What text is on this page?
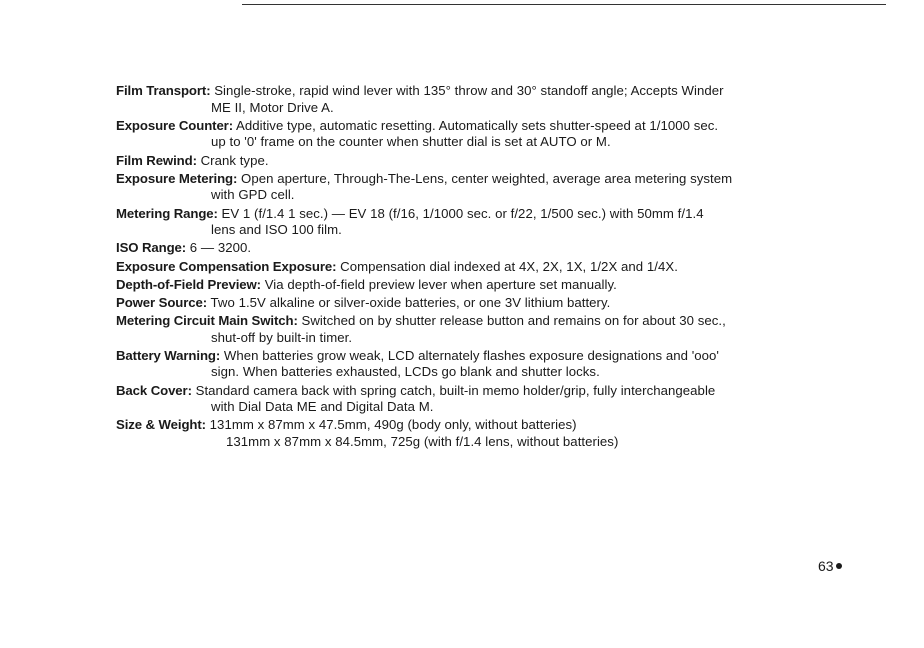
Film Transport: Single-stroke, rapid wind lever with 135° throw and 30° standoff angle; Accepts Winder
ME II, Motor Drive A.
Exposure Counter: Additive type, automatic resetting. Automatically sets shutter-speed at 1/1000 sec.
up to '0' frame on the counter when shutter dial is set at AUTO or M.
Film Rewind: Crank type.
Exposure Metering: Open aperture, Through-The-Lens, center weighted, average area metering system
with GPD cell.
Metering Range: EV 1 (f/1.4 1 sec.) — EV 18 (f/16, 1/1000 sec. or f/22, 1/500 sec.) with 50mm f/1.4
lens and ISO 100 film.
ISO Range: 6 — 3200.
Exposure Compensation Exposure: Compensation dial indexed at 4X, 2X, 1X, 1/2X and 1/4X.
Depth-of-Field Preview: Via depth-of-field preview lever when aperture set manually.
Power Source: Two 1.5V alkaline or silver-oxide batteries, or one 3V lithium battery.
Metering Circuit Main Switch: Switched on by shutter release button and remains on for about 30 sec.,
shut-off by built-in timer.
Battery Warning: When batteries grow weak, LCD alternately flashes exposure designations and 'ooo'
sign. When batteries exhausted, LCDs go blank and shutter locks.
Back Cover: Standard camera back with spring catch, built-in memo holder/grip, fully interchangeable
with Dial Data ME and Digital Data M.
Size & Weight: 131mm x 87mm x 47.5mm, 490g (body only, without batteries)
131mm x 87mm x 84.5mm, 725g (with f/1.4 lens, without batteries)
63
